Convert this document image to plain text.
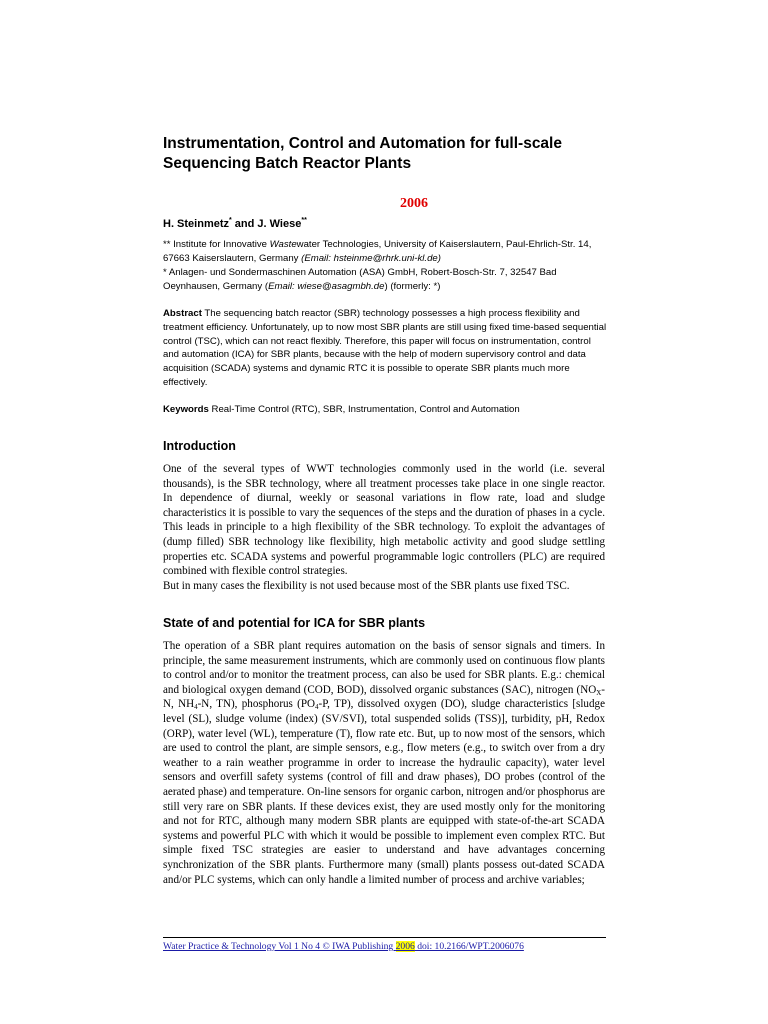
Instrumentation, Control and Automation for full-scale Sequencing Batch Reactor Plants
2006
H. Steinmetz* and J. Wiese**
** Institute for Innovative Wastewater Technologies, University of Kaiserslautern, Paul-Ehrlich-Str. 14, 67663 Kaiserslautern, Germany (Email: hsteinme@rhrk.uni-kl.de)
* Anlagen- und Sondermaschinen Automation (ASA) GmbH, Robert-Bosch-Str. 7, 32547 Bad Oeynhausen, Germany (Email: wiese@asagmbh.de) (formerly: *)
Abstract The sequencing batch reactor (SBR) technology possesses a high process flexibility and treatment efficiency. Unfortunately, up to now most SBR plants are still using fixed time-based sequential control (TSC), which can not react flexibly. Therefore, this paper will focus on instrumentation, control and automation (ICA) for SBR plants, because with the help of modern supervisory control and data acquisition (SCADA) systems and dynamic RTC it is possible to operate SBR plants much more effectively.
Keywords Real-Time Control (RTC), SBR, Instrumentation, Control and Automation
Introduction
One of the several types of WWT technologies commonly used in the world (i.e. several thousands), is the SBR technology, where all treatment processes take place in one single reactor. In dependence of diurnal, weekly or seasonal variations in flow rate, load and sludge characteristics it is possible to vary the sequences of the steps and the duration of phases in a cycle. This leads in principle to a high flexibility of the SBR technology. To exploit the advantages of (dump filled) SBR technology like flexibility, high metabolic activity and good sludge settling properties etc. SCADA systems and powerful programmable logic controllers (PLC) are required combined with flexible control strategies.
But in many cases the flexibility is not used because most of the SBR plants use fixed TSC.
State of and potential for ICA for SBR plants
The operation of a SBR plant requires automation on the basis of sensor signals and timers. In principle, the same measurement instruments, which are commonly used on continuous flow plants to control and/or to monitor the treatment process, can also be used for SBR plants. E.g.: chemical and biological oxygen demand (COD, BOD), dissolved organic substances (SAC), nitrogen ($NO_X-N$, $NH_4-N$, TN), phosphorus ($PO_4-P$, TP), dissolved oxygen (DO), sludge characteristics [sludge level (SL), sludge volume (index) (SV/SVI), total suspended solids (TSS)], turbidity, pH, Redox (ORP), water level (WL), temperature (T), flow rate etc. But, up to now most of the sensors, which are used to control the plant, are simple sensors, e.g., flow meters (e.g., to switch over from a dry weather to a rain weather programme in order to increase the hydraulic capacity), water level sensors and overfill safety systems (control of fill and draw phases), DO probes (control of the aerated phase) and temperature. On-line sensors for organic carbon, nitrogen and/or phosphorus are still very rare on SBR plants. If these devices exist, they are used mostly only for the monitoring and not for RTC, although many modern SBR plants are equipped with state-of-the-art SCADA systems and powerful PLC with which it would be possible to implement even complex RTC. But simple fixed TSC strategies are easier to understand and have advantages concerning synchronization of the SBR plants. Furthermore many (small) plants possess out-dated SCADA and/or PLC systems, which can only handle a limited number of process and archive variables;
Water Practice & Technology Vol 1 No 4 © IWA Publishing 2006 doi: 10.2166/WPT.2006076
